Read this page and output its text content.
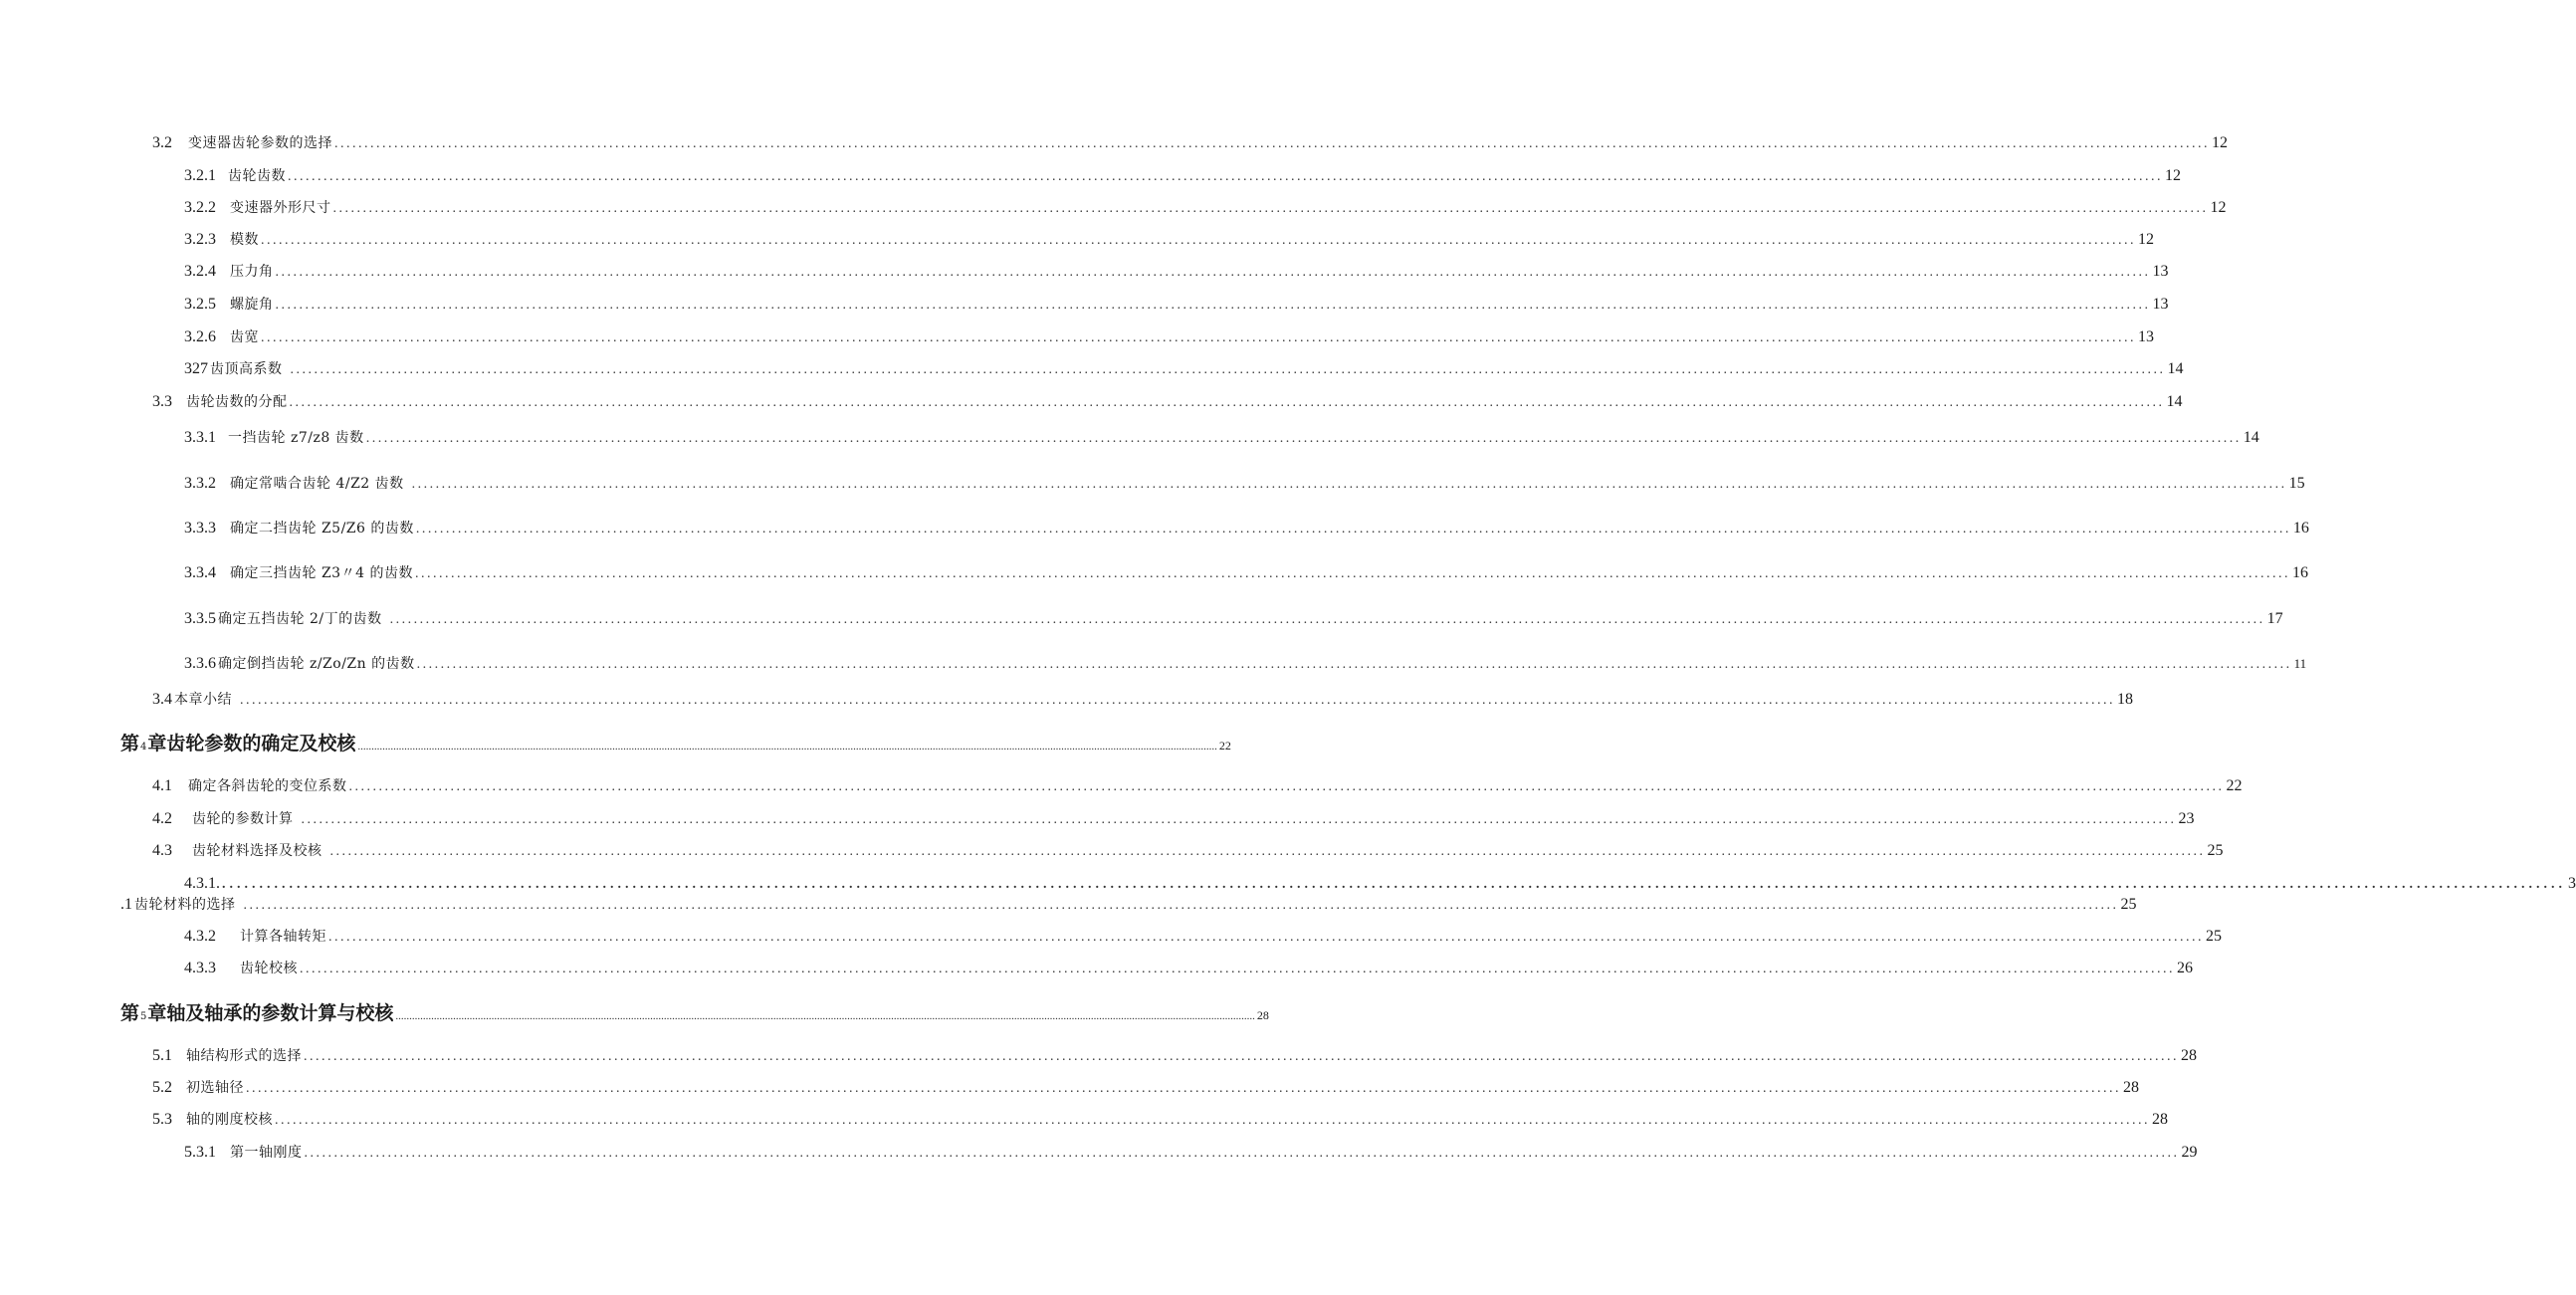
3.2 变速器齿轮参数的选择 .......................................................................................................................................................................................................................................................................................................................... 12
3.2.1 齿轮齿数 .......................................................................................................................................................................................................................................................................................................................... 12
3.2.2 变速器外形尺寸 .......................................................................................................................................................................................................................................................................................................................... 12
3.2.3 模数 .......................................................................................................................................................................................................................................................................................................................... 12
3.2.4 压力角 .......................................................................................................................................................................................................................................................................................................................... 13
3.2.5 螺旋角 .......................................................................................................................................................................................................................................................................................................................... 13
3.2.6 齿宽 .......................................................................................................................................................................................................................................................................................................................... 13
327 齿顶高系数 .......................................................................................................................................................................................................................................................................................................................... 14
3.3 齿轮齿数的分配 .......................................................................................................................................................................................................................................................................................................................... 14
3.3.1 一挡齿轮 z7/z8 齿数 .......................................................................................................................................................................................................................................................................................................................... 14
3.3.2 确定常啮合齿轮 4/Z2 齿数 .......................................................................................................................................................................................................................................................................................................................... 15
3.3.3 确定二挡齿轮 Z5/Z6 的齿数 .......................................................................................................................................................................................................................................................................................................................... 16
3.3.4 确定三挡齿轮 Z3〃4 的齿数 .......................................................................................................................................................................................................................................................................................................................... 16
3.3.5 确定五挡齿轮 2/丁的齿数 .......................................................................................................................................................................................................................................................................................................................... 17
3.3.6 确定倒挡齿轮 z/Zo/Zn 的齿数 .......................................................................................................................................................................................................................................................................................................................... 11
3.4 本章小结 .......................................................................................................................................................................................................................................................................................................................... 18
第 4 章齿轮参数的确定及校核 .......................................................................................................................................................................................................................................................................................................................... 22
4.1 确定各斜齿轮的变位系数 .......................................................................................................................................................................................................................................................................................................................... 22
4.2 齿轮的参数计算 .......................................................................................................................................................................................................................................................................................................................... 23
4.3 齿轮材料选择及校核 .......................................................................................................................................................................................................................................................................................................................... 25
4.3.1. .......................................................................................................................................................................................................................................................................................................................... 3
.1 齿轮材料的选择 .......................................................................................................................................................................................................................................................................................................................... 25
4.3.2 计算各轴转矩 .......................................................................................................................................................................................................................................................................................................................... 25
4.3.3 齿轮校核 .......................................................................................................................................................................................................................................................................................................................... 26
第 5 章轴及轴承的参数计算与校核 .......................................................................................................................................................................................................................................................................................................................... 28
5.1 轴结构形式的选择 .......................................................................................................................................................................................................................................................................................................................... 28
5.2 初选轴径 .......................................................................................................................................................................................................................................................................................................................... 28
5.3 轴的刚度校核 .......................................................................................................................................................................................................................................................................................................................... 28
5.3.1 第一轴刚度 .......................................................................................................................................................................................................................................................................................................................... 29
